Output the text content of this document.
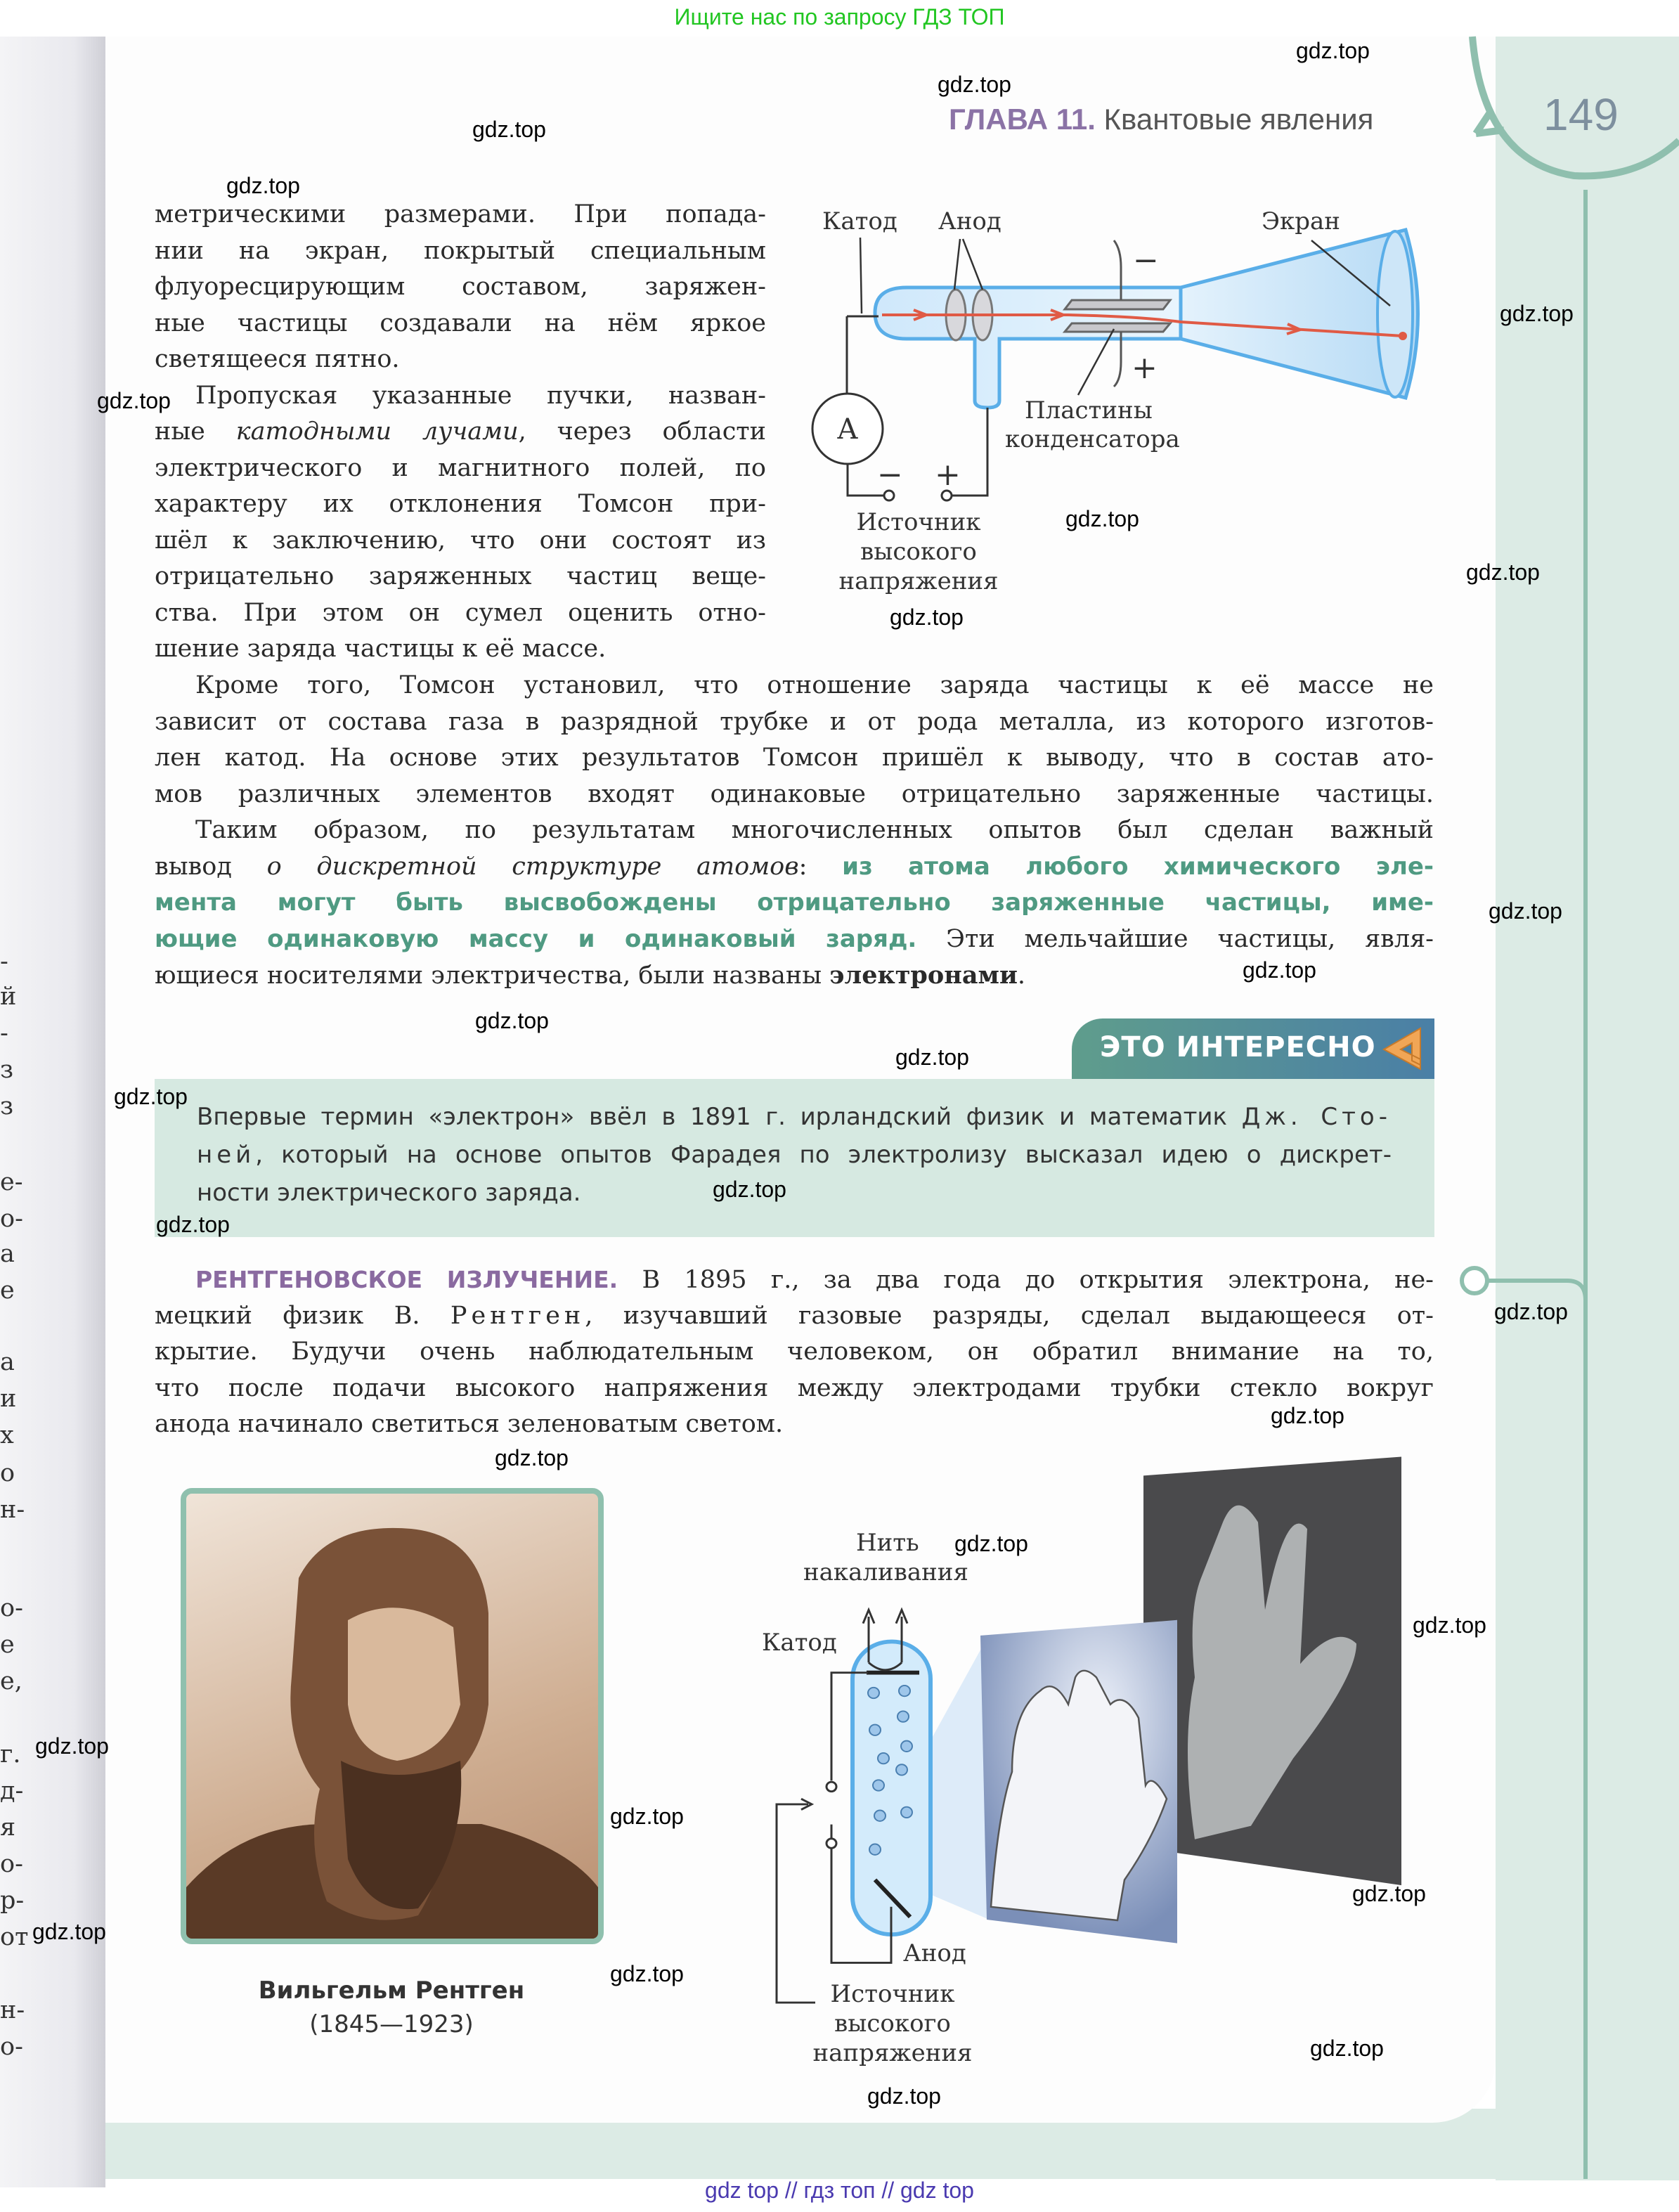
Ищите нас по запросу ГДЗ ТОП
-
й
-
з
з
е-
о-
а
е
а
и
х
о
н-
о-
е
е,
г.
д-
я
о-
р-
от
н-
о-
Катод Анод	Экран
−
+
A
− +
Пластины
конденсатора
Источник
высокого
напряжения
Нить
накаливания
Катод
Анод
Источник
высокого
напряжения
ГЛАВА 11. Квантовые явления	149
метрическими размерами. При попада-
нии на экран, покрытый специальным
флуоресцирующим составом, заряжен-
ные частицы создавали на нём яркое
светящееся пятно.
Пропуская указанные пучки, назван-
ные катодными лучами, через области
электрического и магнитного полей, по
характеру их отклонения Томсон при-
шёл к заключению, что они состоят из
отрицательно заряженных частиц веще-
ства. При этом он сумел оценить отно-
шение заряда частицы к её массе.
Кроме того, Томсон установил, что отношение заряда частицы к её массе не
зависит от состава газа в разрядной трубке и от рода металла, из которого изготов-
лен катод. На основе этих результатов Томсон пришёл к выводу, что в состав ато-
мов различных элементов входят одинаковые отрицательно заряженные частицы.
Таким образом, по результатам многочисленных опытов был сделан важный
вывод о дискретной структуре атомов: из атома любого химического эле-
мента могут быть высвобождены отрицательно заряженные частицы, име-
ющие одинаковую массу и одинаковый заряд. Эти мельчайшие частицы, явля-
ющиеся носителями электричества, были названы электронами.
ЭТО ИНТЕРЕСНО
Впервые термин «электрон» ввёл в 1891 г. ирландский физик и математик Дж. Сто-
ней, который на основе опытов Фарадея по электролизу высказал идею о дискрет-
ности электрического заряда.
РЕНТГЕНОВСКОЕ ИЗЛУЧЕНИЕ. В 1895 г., за два года до открытия электрона, не-
мецкий физик В. Рентген, изучавший газовые разряды, сделал выдающееся от-
крытие. Будучи очень наблюдательным человеком, он обратил внимание на то,
что после подачи высокого напряжения между электродами трубки стекло вокруг
анода начинало светиться зеленоватым светом.
Вильгельм Рентген
(1845—1923)
gdz.top
gdz.top
gdz.top
gdz.top
gdz.top
gdz.top
gdz.top
gdz.top
gdz.top
gdz.top
gdz.top
gdz.top
gdz.top
gdz.top
gdz.top
gdz.top
gdz.top
gdz.top
gdz.top
gdz.top
gdz.top
gdz.top
gdz.top
gdz.top
gdz.top
gdz.top
gdz.top
gdz.top
gdz top // гдз топ // gdz top
